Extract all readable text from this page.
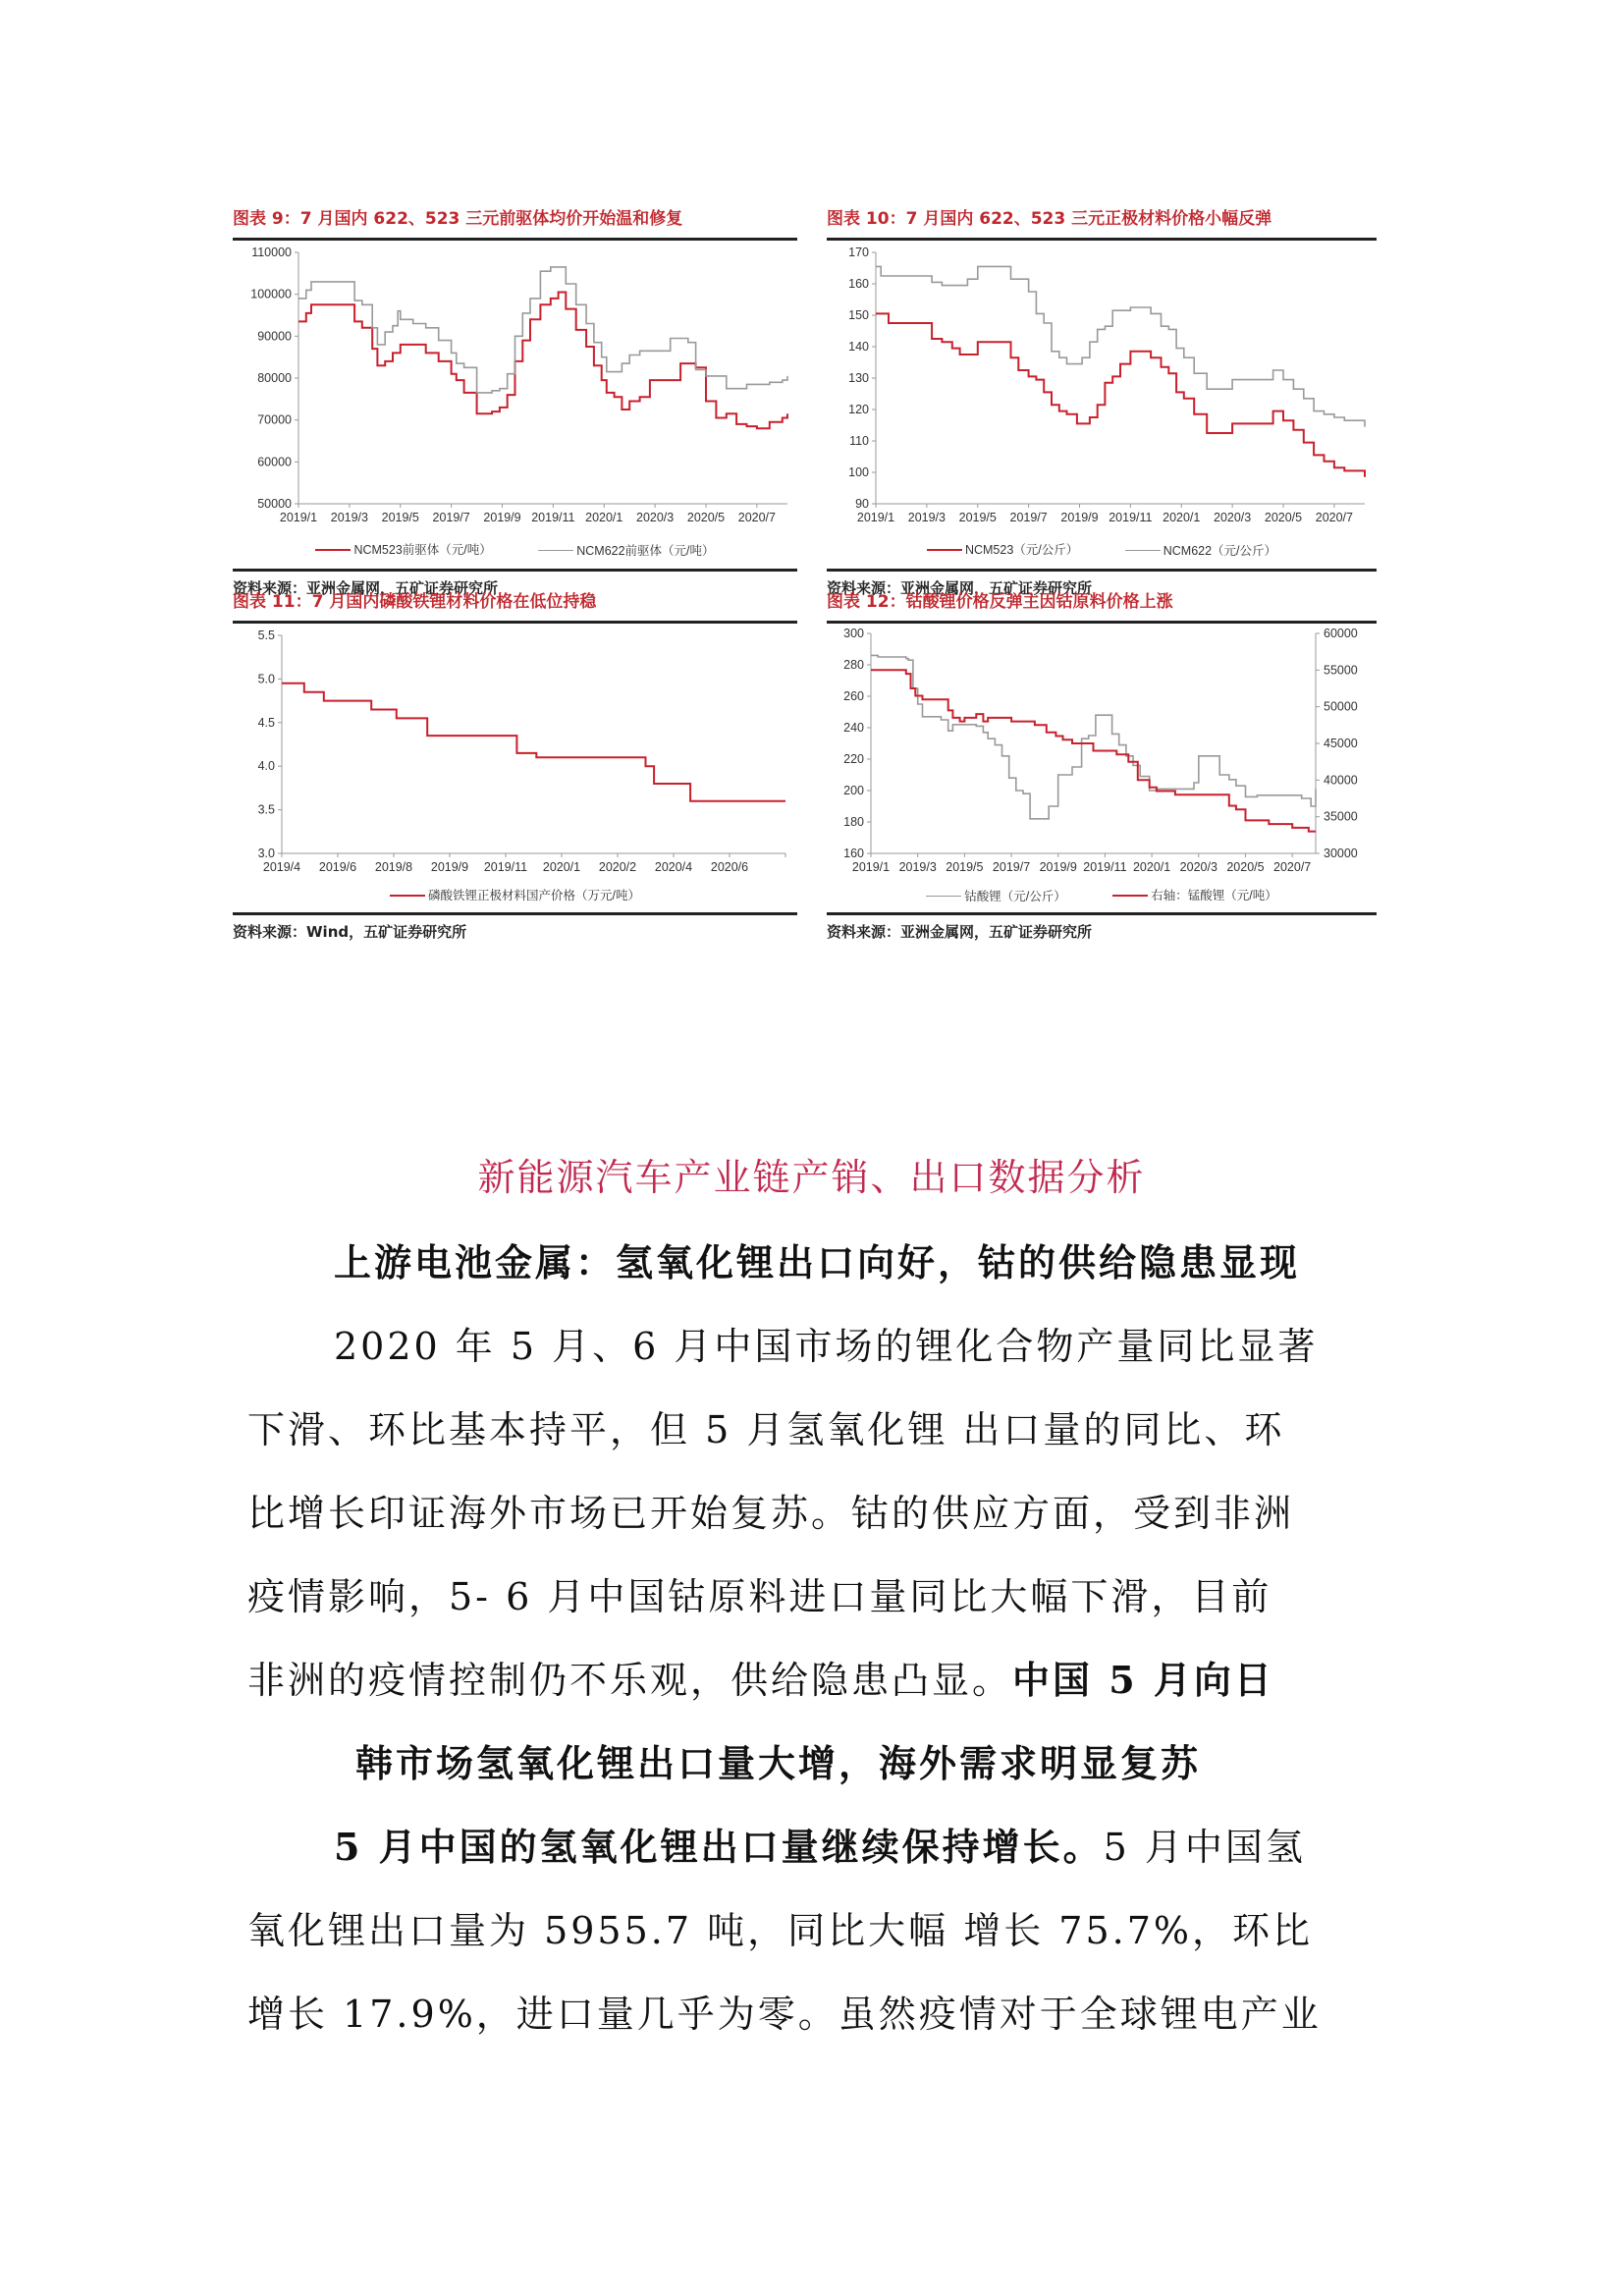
图表 9：7 月国内 622、523 三元前驱体均价开始温和修复
110000
100000
90000
80000
70000
60000
50000
2019/1 2019/3 2019/5 2019/7 2019/9 2019/11 2020/1 2020/3 2020/5 2020/7
NCM523前驱体（元/吨）
	NCM622前驱体（元/吨）
资料来源：亚洲金属网，五矿证券研究所
图表 10：7 月国内 622、523 三元正极材料价格小幅反弹
170
160
150
140
130
120
110
100
90
2019/1 2019/3 2019/5 2019/7 2019/9 2019/11 2020/1 2020/3 2020/5 2020/7
NCM523（元/公斤）
	NCM622（元/公斤）
资料来源：亚洲金属网，五矿证券研究所
图表 11：7 月国内磷酸铁锂材料价格在低位持稳
5.5
5.0
4.5
4.0
3.5
3.0
2019/4 2019/6 2019/8 2019/9 2019/11 2020/1 2020/2 2020/4 2020/6
磷酸铁锂正极材料国产价格（万元/吨）
资料来源：Wind，五矿证券研究所
图表 12：钴酸锂价格反弹主因钴原料价格上涨
300
280
260
240
220
200
180
160
60000
55000
50000
45000
40000
35000
30000
2019/1 2019/3 2019/5 2019/7 2019/9 2019/11 2020/1 2020/3 2020/5 2020/7
钴酸锂（元/公斤）
	右轴：锰酸锂（元/吨）
资料来源：亚洲金属网，五矿证券研究所
新能源汽车产业链产销、出口数据分析
上游电池金属：氢氧化锂出口向好，钴的供给隐患显现
2020 年 5 月、6 月中国市场的锂化合物产量同比显著
下滑、环比基本持平，但 5 月氢氧化锂 出口量的同比、环
比增长印证海外市场已开始复苏。钴的供应方面，受到非洲
疫情影响，5- 6 月中国钴原料进口量同比大幅下滑，目前
非洲的疫情控制仍不乐观，供给隐患凸显。中国 5 月向日
韩市场氢氧化锂出口量大增，海外需求明显复苏
5 月中国的氢氧化锂出口量继续保持增长。5 月中国氢
氧化锂出口量为 5955.7 吨，同比大幅 增长 75.7%，环比
增长 17.9%，进口量几乎为零。虽然疫情对于全球锂电产业
